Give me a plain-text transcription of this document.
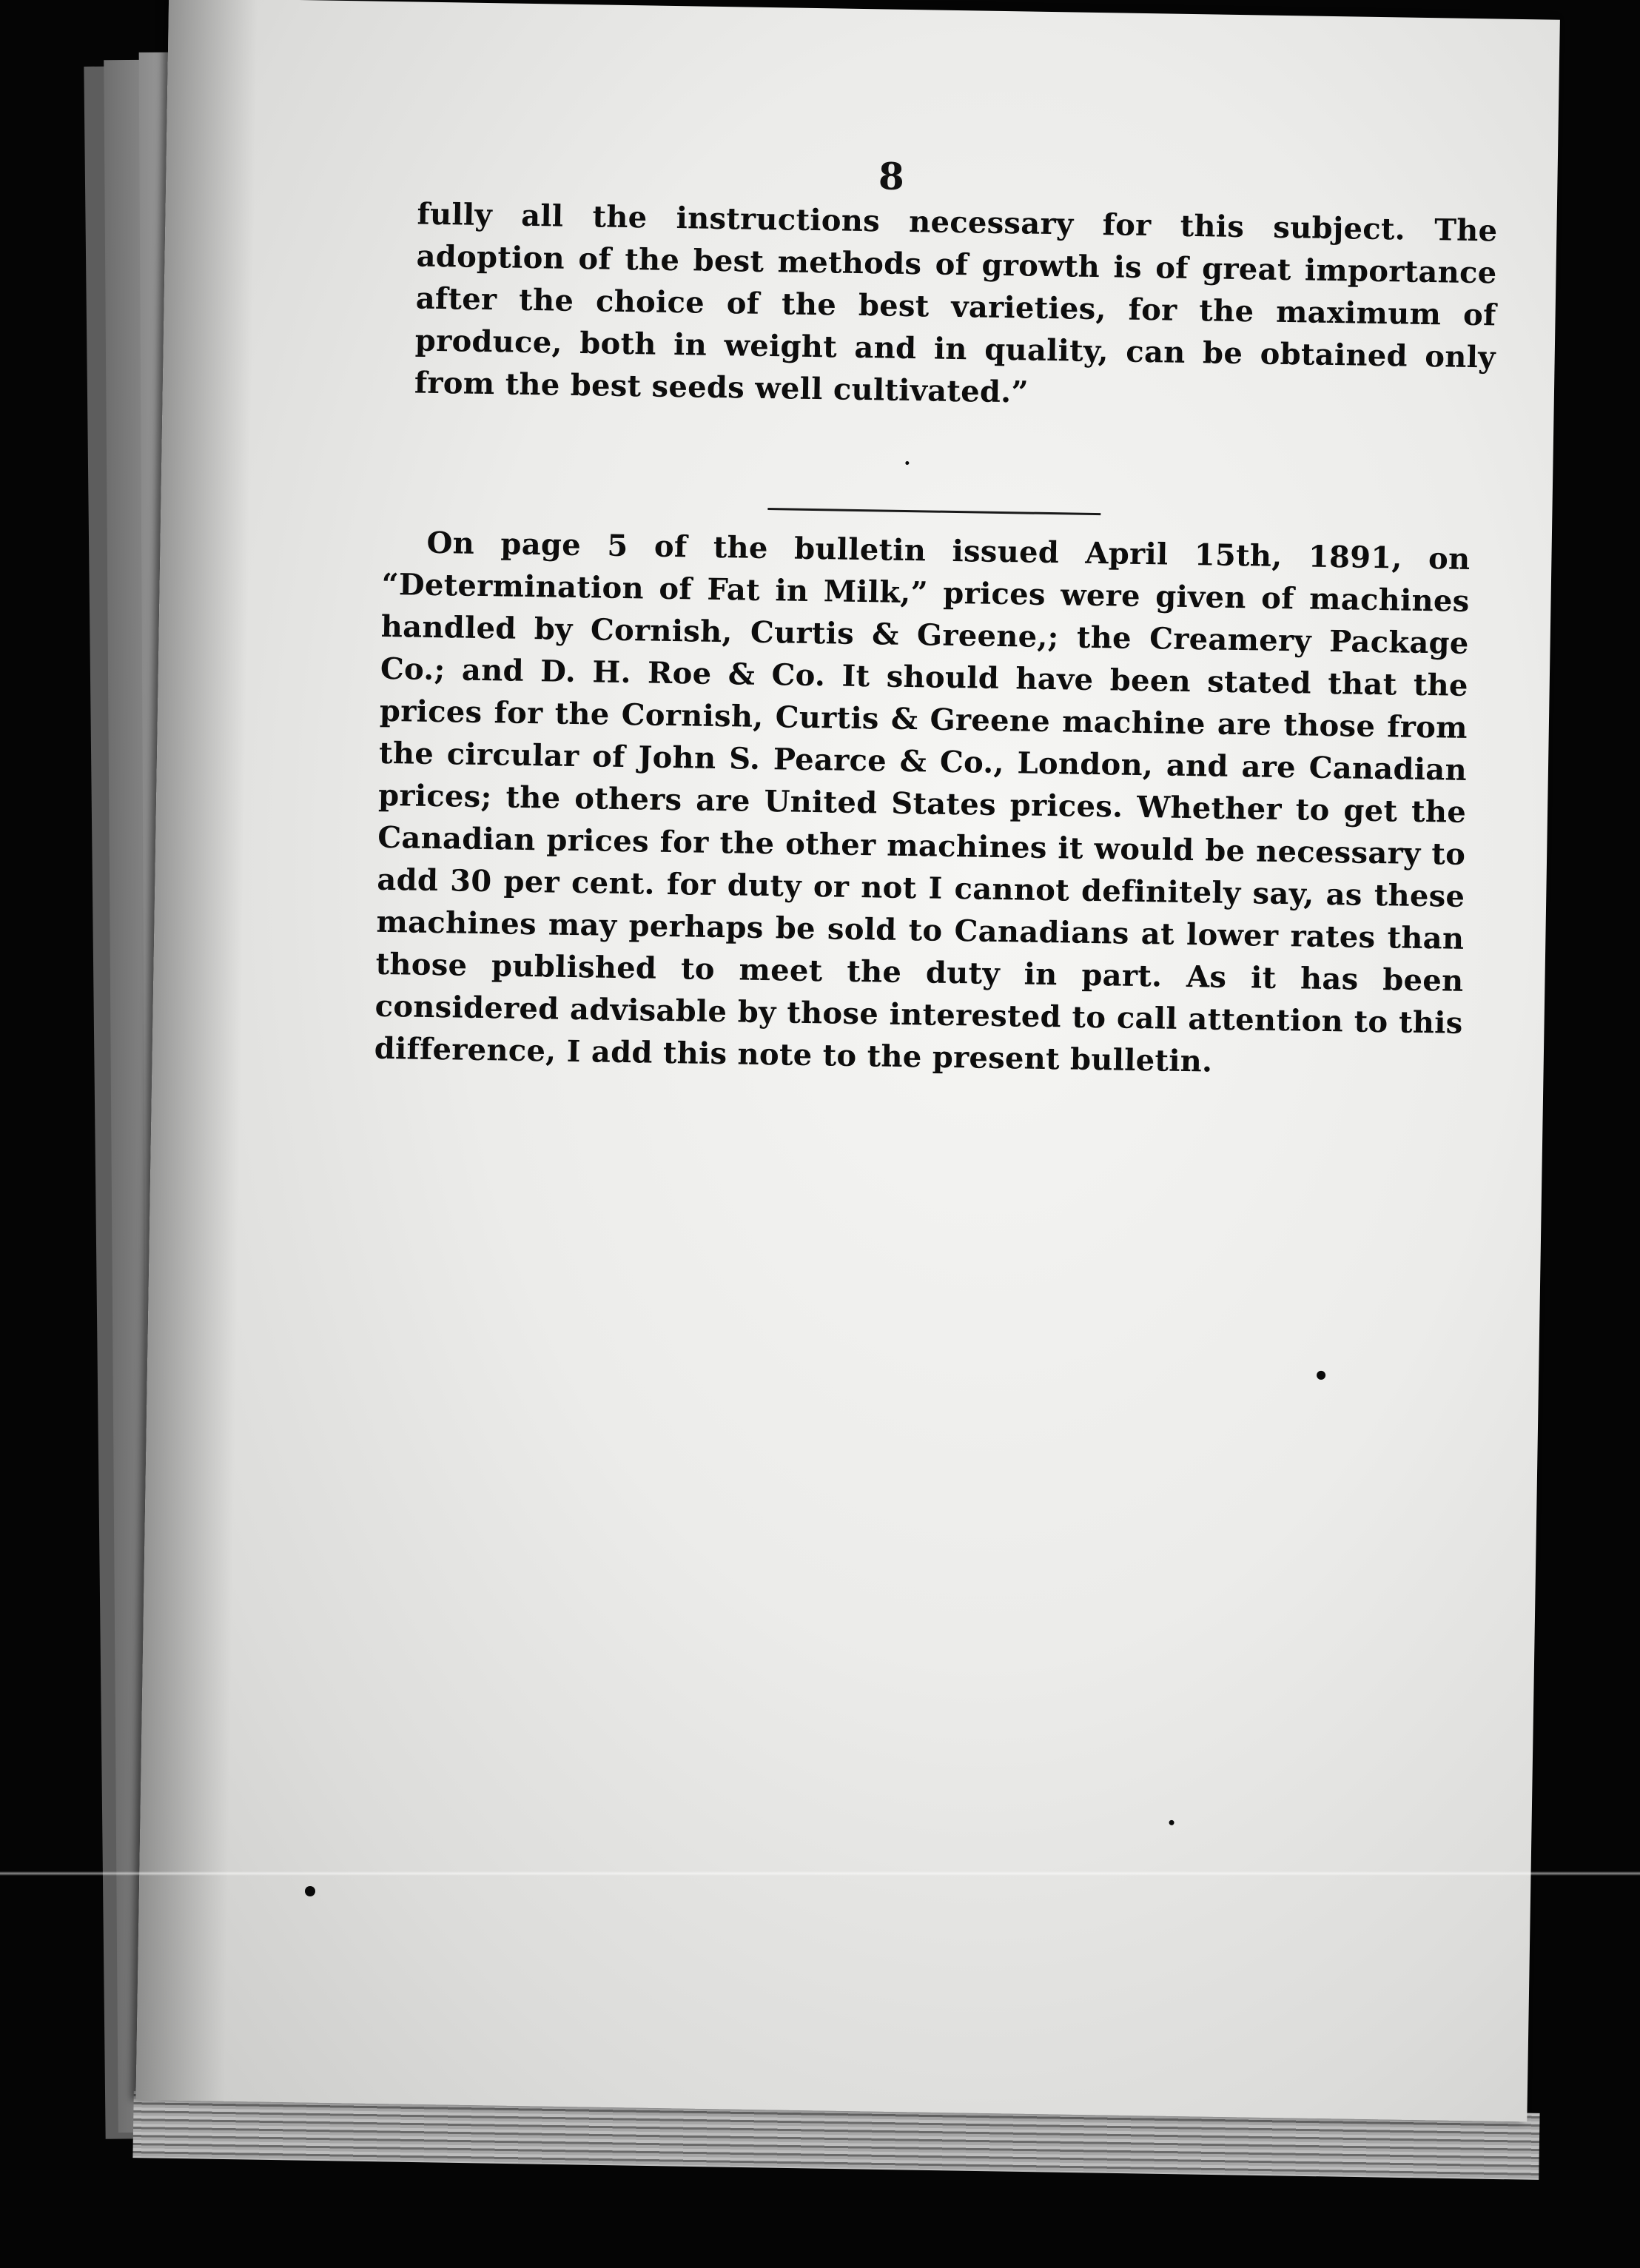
8
fully all the instructions necessary for this subject. The adoption of the best methods of growth is of great importance after the choice of the best varieties, for the maximum of produce, both in weight and in quality, can be obtained only from the best seeds well cultivated.”
On page 5 of the bulletin issued April 15th, 1891, on “Determination of Fat in Milk,” prices were given of machines handled by Cornish, Curtis & Greene,; the Creamery Package Co.; and D. H. Roe & Co. It should have been stated that the prices for the Cornish, Curtis & Greene machine are those from the circular of John S. Pearce & Co., London, and are Canadian prices; the others are United States prices. Whether to get the Canadian prices for the other machines it would be necessary to add 30 per cent. for duty or not I cannot definitely say, as these machines may perhaps be sold to Canadians at lower rates than those published to meet the duty in part. As it has been considered advisable by those interested to call attention to this difference, I add this note to the present bulletin.
